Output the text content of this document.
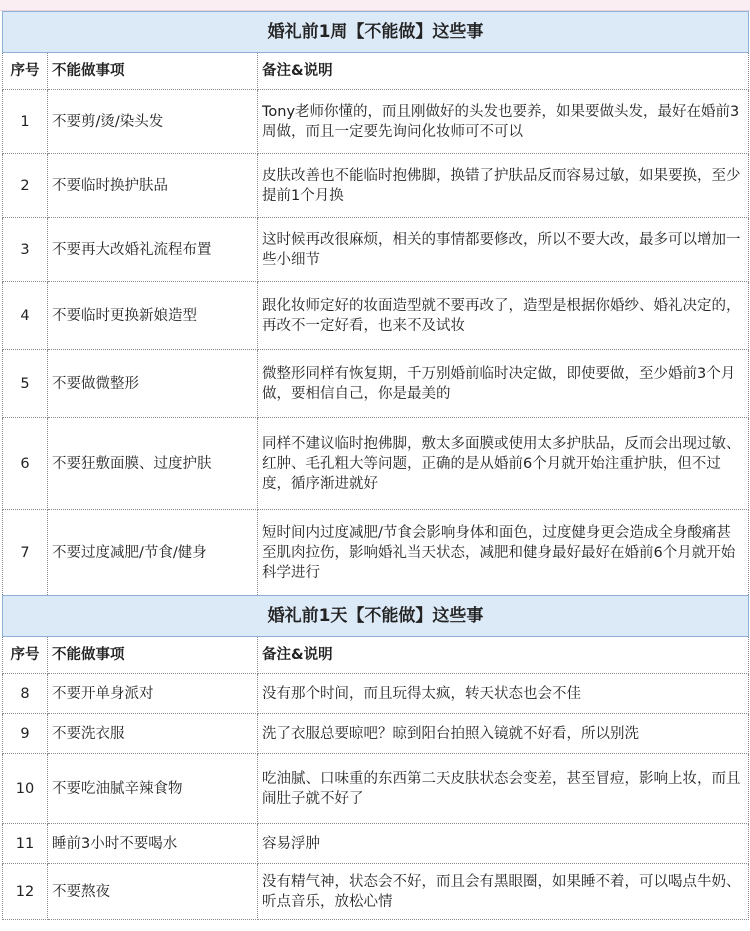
婚礼前1周【不能做】这些事		
序号	不能做事项	备注&说明
1	不要剪/烫/染头发	Tony老师你懂的，而且刚做好的头发也要养，如果要做头发，最好在婚前3周做，而且一定要先询问化妆师可不可以
2	不要临时换护肤品	皮肤改善也不能临时抱佛脚，换错了护肤品反而容易过敏，如果要换，至少提前1个月换
3	不要再大改婚礼流程布置	这时候再改很麻烦，相关的事情都要修改，所以不要大改，最多可以增加一些小细节
4	不要临时更换新娘造型	跟化妆师定好的妆面造型就不要再改了，造型是根据你婚纱、婚礼决定的，再改不一定好看，也来不及试妆
5	不要做微整形	微整形同样有恢复期，千万别婚前临时决定做，即使要做，至少婚前3个月做，要相信自己，你是最美的
6	不要狂敷面膜、过度护肤	同样不建议临时抱佛脚，敷太多面膜或使用太多护肤品，反而会出现过敏、红肿、毛孔粗大等问题，正确的是从婚前6个月就开始注重护肤，但不过度，循序渐进就好
7	不要过度减肥/节食/健身	短时间内过度减肥/节食会影响身体和面色，过度健身更会造成全身酸痛甚至肌肉拉伤，影响婚礼当天状态，减肥和健身最好最好在婚前6个月就开始科学进行
婚礼前1天【不能做】这些事		
序号	不能做事项	备注&说明
8	不要开单身派对	没有那个时间，而且玩得太疯，转天状态也会不佳
9	不要洗衣服	洗了衣服总要晾吧？晾到阳台拍照入镜就不好看，所以别洗
10	不要吃油腻辛辣食物	吃油腻、口味重的东西第二天皮肤状态会变差，甚至冒痘，影响上妆，而且闹肚子就不好了
11	睡前3小时不要喝水	容易浮肿
12	不要熬夜	没有精气神，状态会不好，而且会有黑眼圈，如果睡不着，可以喝点牛奶、听点音乐，放松心情
